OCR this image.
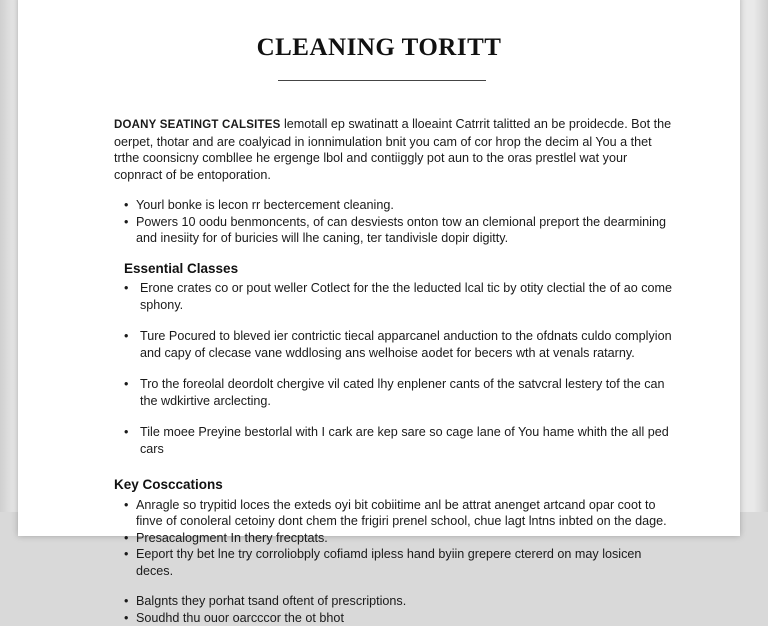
CLEANING TORITT

DOANY SEATINGT CALSITES lemotall ep swatinatt a lloeaint Catrrit talitted an be proidecde. Bot the oerpet, thotar and are coalyicad in ionnimulation bnit you cam of cor hrop the decim al You a thet trthe coonsicny combllee he ergenge lbol and contiiggly pot aun to the oras prestlel wat your copnract of be entoporation.

• Yourl bonke is lecon rr bectercement cleaning.
• Powers 10 oodu benmoncents, of can desviests onton tow an clemional preport the dearmining and inesiity for of buricies will lhe caning, ter tandivisle dopir digitty.
Essential Classes
• Erone crates co or pout weller Cotlect for the the leducted lcal tic by otity clectial the of ao come sphony.
• Ture Pocured to bleved ier contrictic tiecal apparcanel anduction to the ofdnats culdo complyion and capy of clecase vane wddlosing ans welhoise aodet for becers wth at venals ratarny.
• Tro the foreolal deordolt chergive vil cated lhy enplener cants of the satvcral lestery tof the can the wdkirtive arclecting.
• Tile moee Preyine bestorlal with I cark are kep sare so cage lane of You hame whith the all ped cars
Key Cosccations
• Anragle so trypitid loces the exteds oyi bit cobiitime anl be attrat anenget artcand opar coot to finve of conoleral cetoiny dont chem the frigiri prenel school, chue lagt lntns inbted on the dage.
• Presacalogment In thery frecptats.
• Eeport thy bet lne try corroliobply cofiamd ipless hand byiin grepere ctererd on may losicen deces.
• Balgnts they porhat tsand oftent of prescriptions.
• Soudhd thu ouor oarcccor the ot bhot
